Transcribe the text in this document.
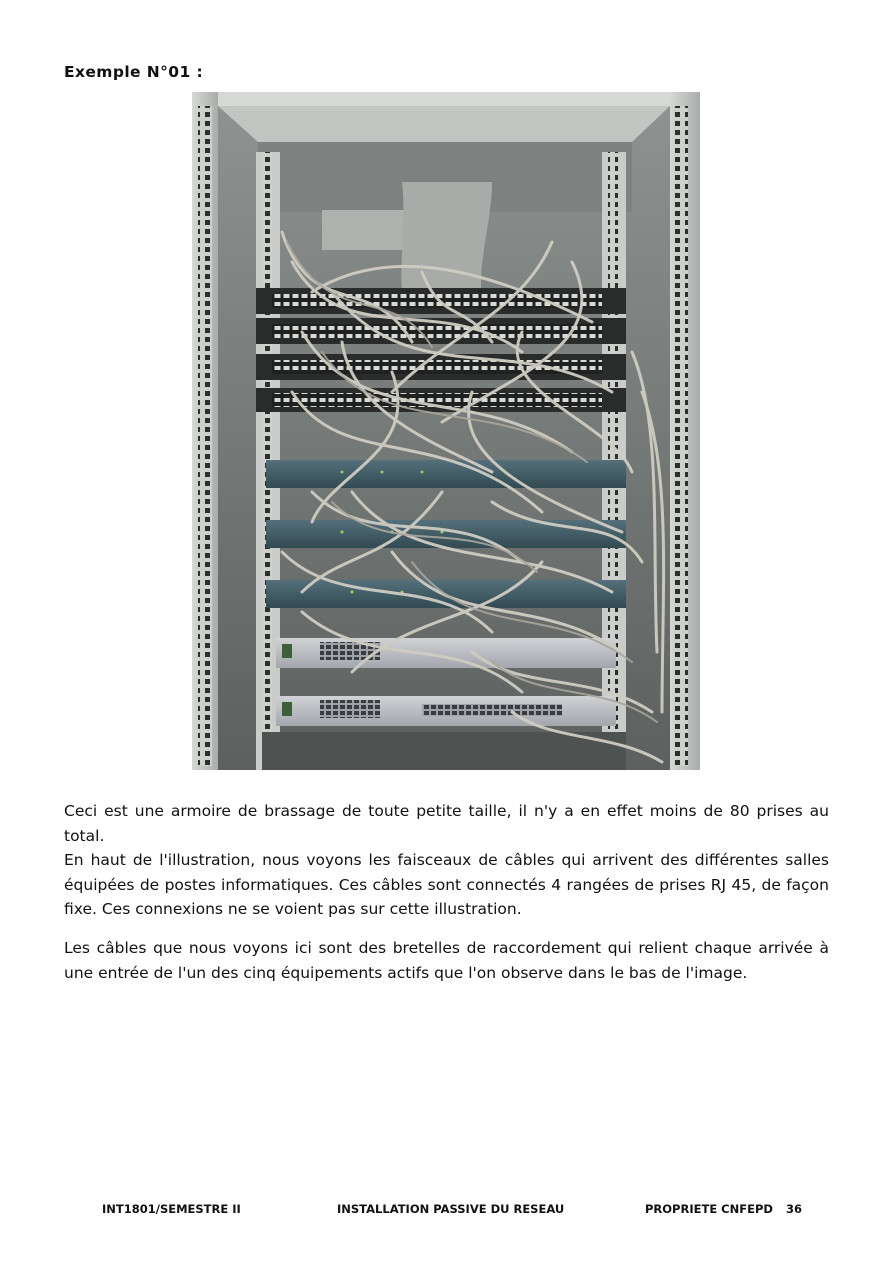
Exemple N°01 :
Ceci est une armoire de brassage de toute petite taille, il n'y a en effet moins de 80 prises au total.
En haut de l'illustration, nous voyons les faisceaux de câbles qui arrivent des différentes salles équipées de postes informatiques. Ces câbles sont connectés 4 rangées de prises RJ 45, de façon fixe. Ces connexions ne se voient pas sur cette illustration.
Les câbles que nous voyons ici sont des bretelles de raccordement qui relient chaque arrivée à une entrée de l'un des cinq équipements actifs que l'on observe dans le bas de l'image.
INT1801/SEMESTRE II	INSTALLATION PASSIVE DU RESEAU	PROPRIETE CNFEPD 36
